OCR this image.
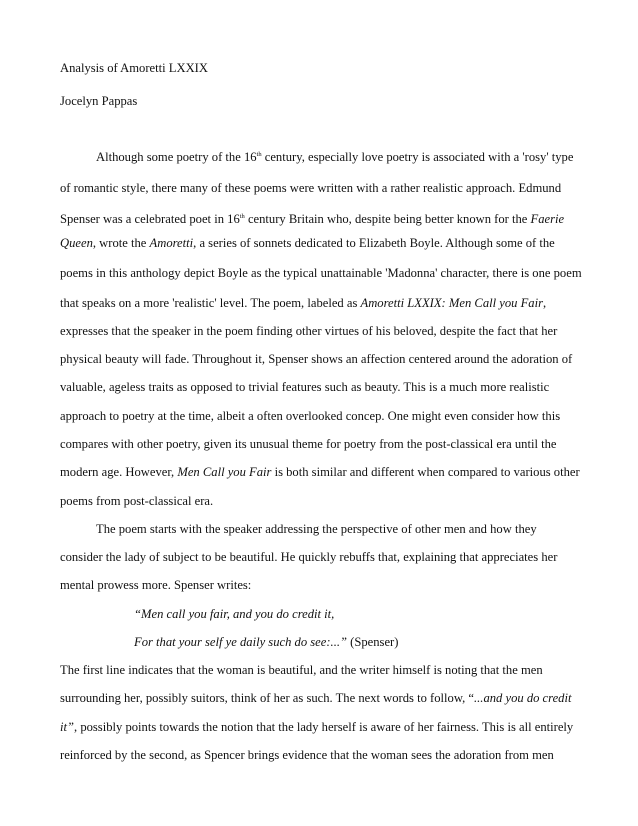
Analysis of Amoretti LXXIX
Jocelyn Pappas
Although some poetry of the 16th century, especially love poetry is associated with a 'rosy' type
of romantic style, there many of these poems were written with a rather realistic approach. Edmund
Spenser was a celebrated poet in 16th century Britain who, despite being better known for the Faerie
Queen, wrote the Amoretti, a series of sonnets dedicated to Elizabeth Boyle. Although some of the
poems in this anthology depict Boyle as the typical unattainable 'Madonna' character, there is one poem
that speaks on a more 'realistic' level. The poem, labeled as Amoretti LXXIX: Men Call you Fair,
expresses that the speaker in the poem finding other virtues of his beloved, despite the fact that her
physical beauty will fade. Throughout it, Spenser shows an affection centered around the adoration of
valuable, ageless traits as opposed to trivial features such as beauty. This is a much more realistic
approach to poetry at the time, albeit a often overlooked concep. One might even consider how this
compares with other poetry, given its unusual theme for poetry from the post-classical era until the
modern age. However, Men Call you Fair is both similar and different when compared to various other
poems from post-classical era.
The poem starts with the speaker addressing the perspective of other men and how they
consider the lady of subject to be beautiful. He quickly rebuffs that, explaining that appreciates her
mental prowess more. Spenser writes:
“Men call you fair, and you do credit it,
For that your self ye daily such do see:...” (Spenser)
The first line indicates that the woman is beautiful, and the writer himself is noting that the men
surrounding her, possibly suitors, think of her as such. The next words to follow, “...and you do credit
it”, possibly points towards the notion that the lady herself is aware of her fairness. This is all entirely
reinforced by the second, as Spencer brings evidence that the woman sees the adoration from men
